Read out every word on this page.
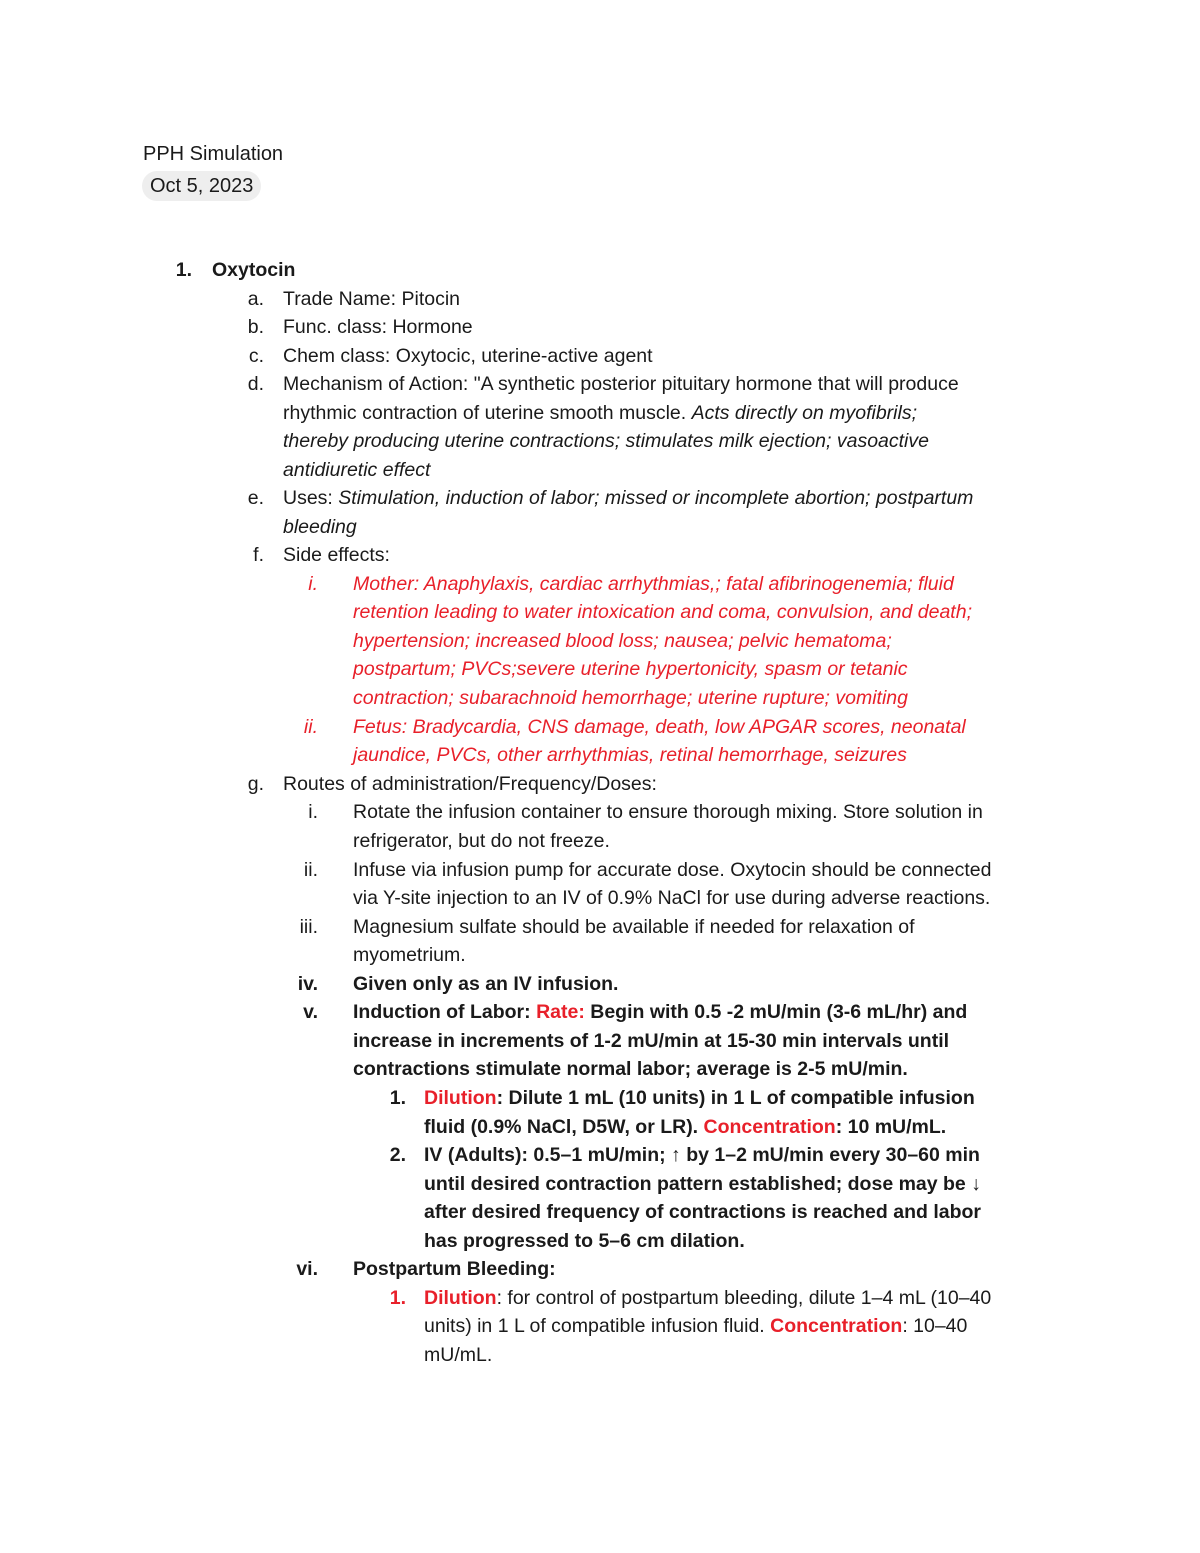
PPH Simulation
Oct 5, 2023
1. Oxytocin
a. Trade Name: Pitocin
b. Func. class: Hormone
c. Chem class: Oxytocic, uterine-active agent
d. Mechanism of Action: "A synthetic posterior pituitary hormone that will produce
rhythmic contraction of uterine smooth muscle. Acts directly on myofibrils;
thereby producing uterine contractions; stimulates milk ejection; vasoactive
antidiuretic effect
e. Uses: Stimulation, induction of labor; missed or incomplete abortion; postpartum
bleeding
f. Side effects:
i. Mother: Anaphylaxis, cardiac arrhythmias,; fatal afibrinogenemia; fluid
retention leading to water intoxication and coma, convulsion, and death;
hypertension; increased blood loss; nausea; pelvic hematoma;
postpartum; PVCs;severe uterine hypertonicity, spasm or tetanic
contraction; subarachnoid hemorrhage; uterine rupture; vomiting
ii. Fetus: Bradycardia, CNS damage, death, low APGAR scores, neonatal
jaundice, PVCs, other arrhythmias, retinal hemorrhage, seizures
g. Routes of administration/Frequency/Doses:
i. Rotate the infusion container to ensure thorough mixing. Store solution in
refrigerator, but do not freeze.
ii. Infuse via infusion pump for accurate dose. Oxytocin should be connected
via Y-site injection to an IV of 0.9% NaCl for use during adverse reactions.
iii. Magnesium sulfate should be available if needed for relaxation of
myometrium.
iv. Given only as an IV infusion.
v. Induction of Labor: Rate: Begin with 0.5 -2 mU/min (3-6 mL/hr) and
increase in increments of 1-2 mU/min at 15-30 min intervals until
contractions stimulate normal labor; average is 2-5 mU/min.
1. Dilution: Dilute 1 mL (10 units) in 1 L of compatible infusion
fluid (0.9% NaCl, D5W, or LR). Concentration: 10 mU/mL.
2. IV (Adults): 0.5–1 mU/min; ↑ by 1–2 mU/min every 30–60 min
until desired contraction pattern established; dose may be ↓
after desired frequency of contractions is reached and labor
has progressed to 5–6 cm dilation.
vi. Postpartum Bleeding:
1. Dilution: for control of postpartum bleeding, dilute 1–4 mL (10–40
units) in 1 L of compatible infusion fluid. Concentration: 10–40
mU/mL.
